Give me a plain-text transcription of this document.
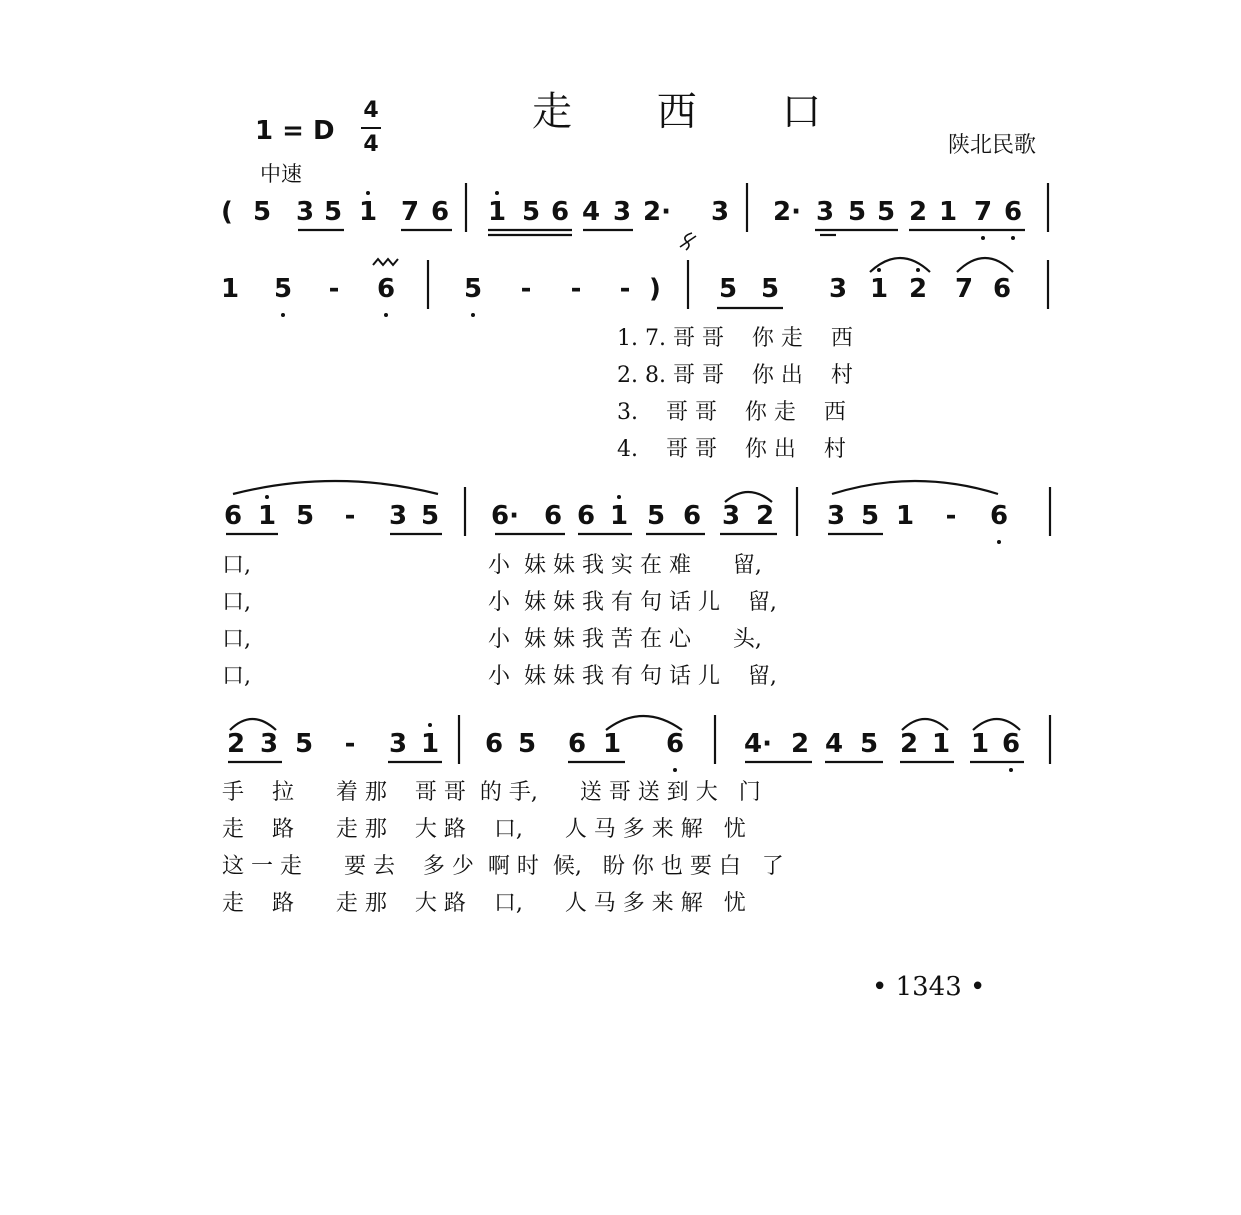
走 西 口
1 = D
4
4
中速
陕北民歌
( 5 3 5 1 7 6 1 5 6 4 3 2· 3 2· 3 5 5 2 1 7 6
1 5 - 6	5 - - - ) 5 5 3 1 2 7 6
6 1 5 - 3 5 6· 6 6 1 5 6 3 2 3 5 1 - 6
2 3 5 - 3 1 6 5 6 1 6 4· 2 4 5 2 1 1 6
1. 7. 哥 哥    你 走    西
2. 8. 哥 哥    你 出    村
3.    哥 哥    你 走    西
4.    哥 哥    你 出    村
口,	小  妹 妹 我 实 在 难      留,
口,	小  妹 妹 我 有 句 话 儿    留,
口,	小  妹 妹 我 苦 在 心      头,
口,	小  妹 妹 我 有 句 话 儿    留,
手    拉      着 那    哥 哥  的 手,      送 哥 送 到 大   门
走    路      走 那    大 路    口,      人 马 多 来 解   忧
这 一 走      要 去    多 少  啊 时  候,   盼 你 也 要 白   了
走    路      走 那    大 路    口,      人 马 多 来 解   忧
• 1343 •
